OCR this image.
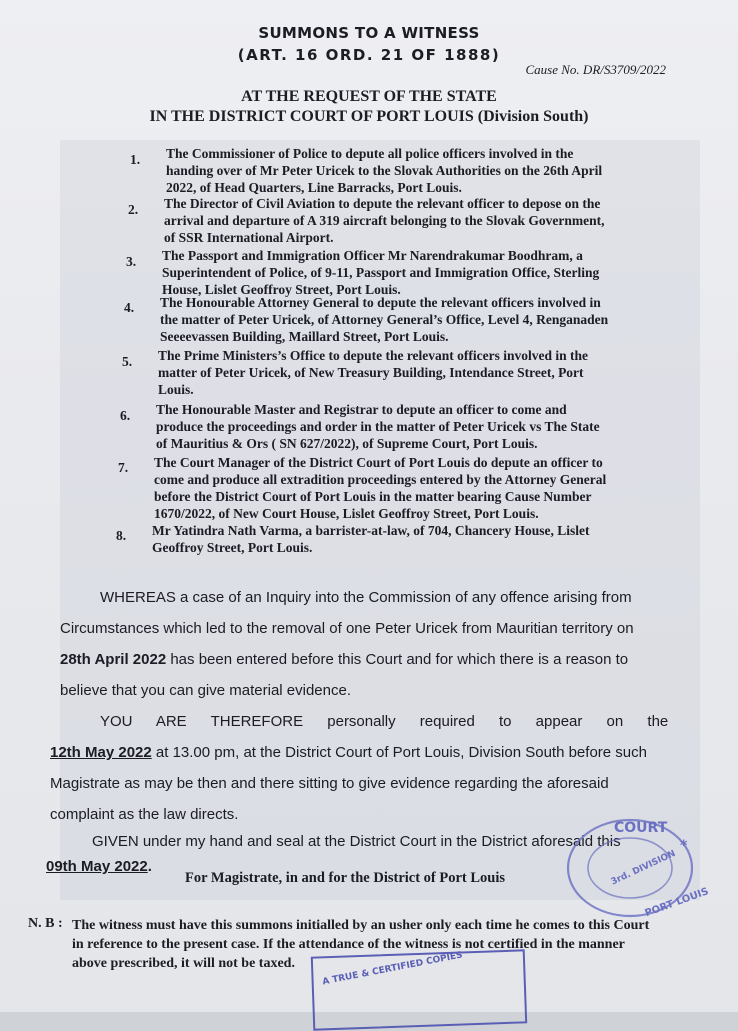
SUMMONS TO A WITNESS
(ART. 16 ORD. 21 OF 1888)
Cause No. DR/S3709/2022
AT THE REQUEST OF THE STATE
IN THE DISTRICT COURT OF PORT LOUIS (Division South)
1. The Commissioner of Police to depute all police officers involved in the
handing over of Mr Peter Uricek to the Slovak Authorities on the 26th April
2022, of Head Quarters, Line Barracks, Port Louis.
2. The Director of Civil Aviation to depute the relevant officer to depose on the
arrival and departure of A 319 aircraft belonging to the Slovak Government,
of SSR International Airport.
3. The Passport and Immigration Officer Mr Narendrakumar Boodhram, a
Superintendent of Police, of 9-11, Passport and Immigration Office, Sterling
House, Lislet Geoffroy Street, Port Louis.
4. The Honourable Attorney General to depute the relevant officers involved in
the matter of Peter Uricek, of Attorney General’s Office, Level 4, Renganaden
Seeeevassen Building, Maillard Street, Port Louis.
5. The Prime Ministers’s Office to depute the relevant officers involved in the
matter of Peter Uricek, of New Treasury Building, Intendance Street, Port
Louis.
6. The Honourable Master and Registrar to depute an officer to come and
produce the proceedings and order in the matter of Peter Uricek vs The State
of Mauritius & Ors ( SN 627/2022), of Supreme Court, Port Louis.
7. The Court Manager of the District Court of Port Louis do depute an officer to
come and produce all extradition proceedings entered by the Attorney General
before the District Court of Port Louis in the matter bearing Cause Number
1670/2022, of New Court House, Lislet Geoffroy Street, Port Louis.
8. Mr Yatindra Nath Varma, a barrister-at-law, of 704, Chancery House, Lislet
Geoffroy Street, Port Louis.
WHEREAS a case of an Inquiry into the Commission of any offence arising from
Circumstances which led to the removal of one Peter Uricek from Mauritian territory on
28th April 2022 has been entered before this Court and for which there is a reason to
believe that you can give material evidence.
YOU ARE THEREFORE personally required to appear on the
12th May 2022 at 13.00 pm, at the District Court of Port Louis, Division South before such
Magistrate as may be then and there sitting to give evidence regarding the aforesaid
complaint as the law directs.
GIVEN under my hand and seal at the District Court in the District aforesaid this
09th May 2022.
For Magistrate, in and for the District of Port Louis
N. B : The witness must have this summons initialled by an usher only each time he comes to this Court
in reference to the present case. If the attendance of the witness is not certified in the manner
above prescribed, it will not be taxed.
COURT
3rd. DIVISION
PORT LOUIS
*
A TRUE & CERTIFIED COPIES
